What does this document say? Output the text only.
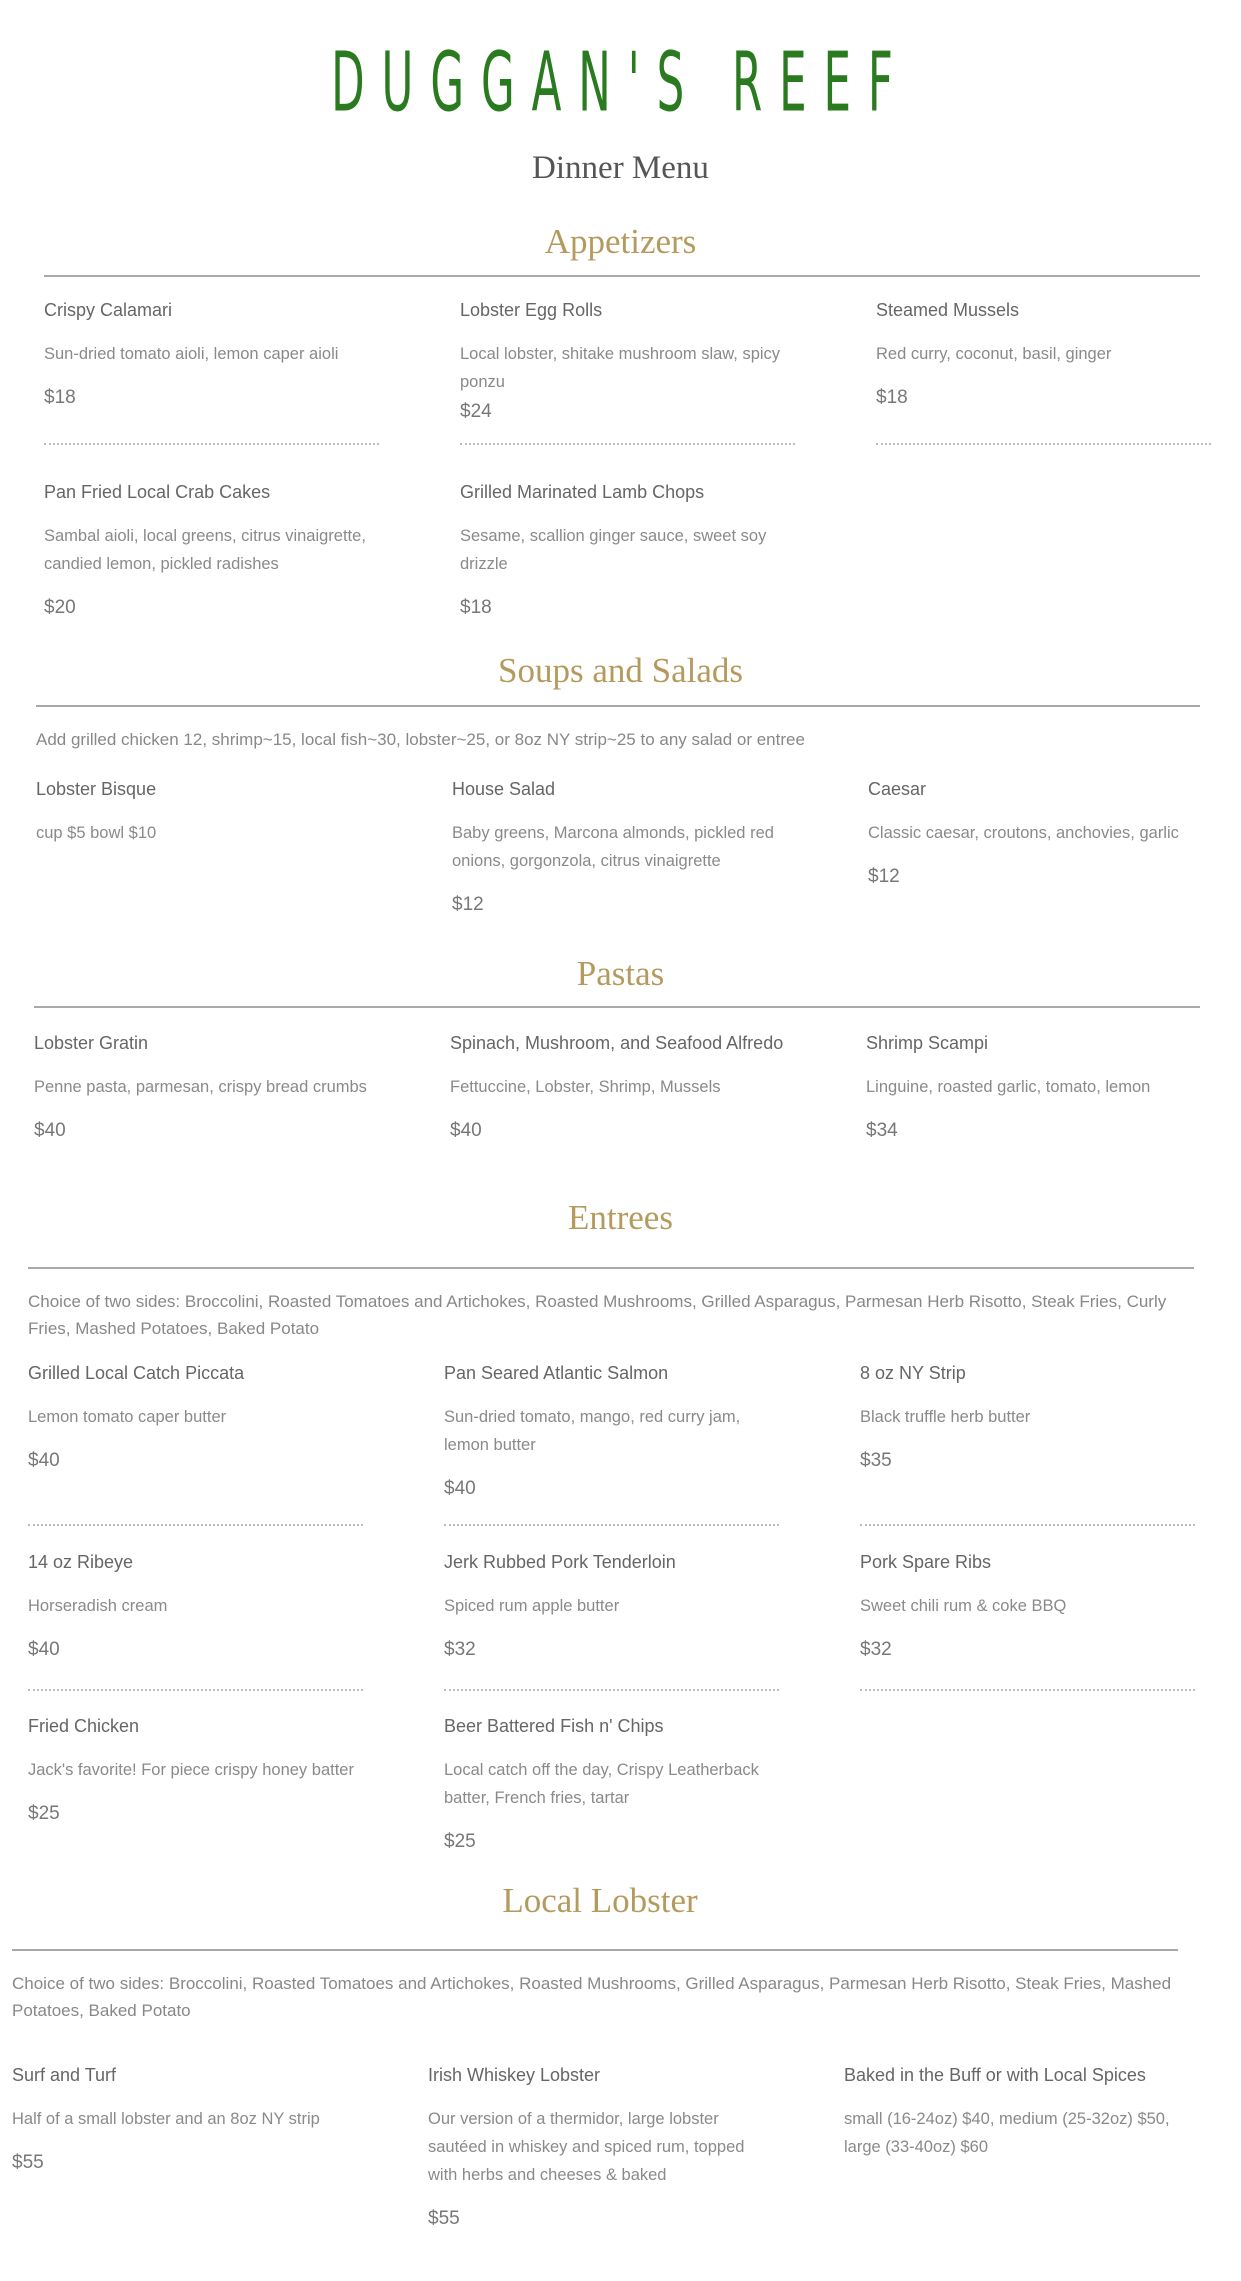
DUGGAN'S REEF
Dinner Menu
Appetizers
Crispy Calamari
Sun-dried tomato aioli, lemon caper aioli
$18
Lobster Egg Rolls
Local lobster, shitake mushroom slaw, spicy ponzu
$24
Steamed Mussels
Red curry, coconut, basil, ginger
$18
Pan Fried Local Crab Cakes
Sambal aioli, local greens, citrus vinaigrette, candied lemon, pickled radishes
$20
Grilled Marinated Lamb Chops
Sesame, scallion ginger sauce, sweet soy drizzle
$18
Soups and Salads
Add grilled chicken 12, shrimp~15, local fish~30, lobster~25, or 8oz NY strip~25 to any salad or entree
Lobster Bisque
cup $5 bowl $10
House Salad
Baby greens, Marcona almonds, pickled red onions, gorgonzola, citrus vinaigrette
$12
Caesar
Classic caesar, croutons, anchovies, garlic
$12
Pastas
Lobster Gratin
Penne pasta, parmesan, crispy bread crumbs
$40
Spinach, Mushroom, and Seafood Alfredo
Fettuccine, Lobster, Shrimp, Mussels
$40
Shrimp Scampi
Linguine, roasted garlic, tomato, lemon
$34
Entrees
Choice of two sides: Broccolini, Roasted Tomatoes and Artichokes, Roasted Mushrooms, Grilled Asparagus, Parmesan Herb Risotto, Steak Fries, Curly Fries, Mashed Potatoes, Baked Potato
Grilled Local Catch Piccata
Lemon tomato caper butter
$40
Pan Seared Atlantic Salmon
Sun-dried tomato, mango, red curry jam, lemon butter
$40
8 oz NY Strip
Black truffle herb butter
$35
14 oz Ribeye
Horseradish cream
$40
Jerk Rubbed Pork Tenderloin
Spiced rum apple butter
$32
Pork Spare Ribs
Sweet chili rum & coke BBQ
$32
Fried Chicken
Jack's favorite! For piece crispy honey batter
$25
Beer Battered Fish n' Chips
Local catch off the day, Crispy Leatherback batter, French fries, tartar
$25
Local Lobster
Choice of two sides: Broccolini, Roasted Tomatoes and Artichokes, Roasted Mushrooms, Grilled Asparagus, Parmesan Herb Risotto, Steak Fries, Mashed Potatoes, Baked Potato
Surf and Turf
Half of a small lobster and an 8oz NY strip
$55
Irish Whiskey Lobster
Our version of a thermidor, large lobster sautéed in whiskey and spiced rum, topped with herbs and cheeses & baked
$55
Baked in the Buff or with Local Spices
small (16-24oz) $40, medium (25-32oz) $50, large (33-40oz) $60
